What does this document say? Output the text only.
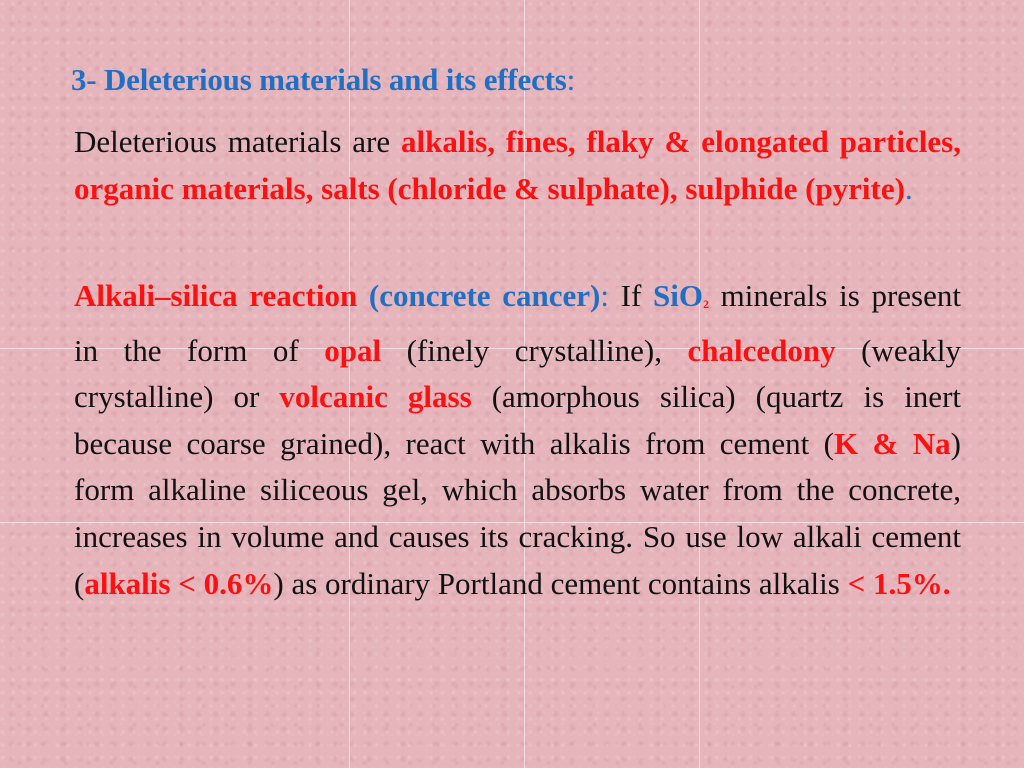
3- Deleterious materials and its effects:

Deleterious materials are alkalis, fines, flaky & elongated particles, organic materials, salts (chloride & sulphate), sulphide (pyrite).

Alkali–silica reaction (concrete cancer): If SiO2 minerals is present in the form of opal (finely crystalline), chalcedony (weakly crystalline) or volcanic glass (amorphous silica) (quartz is inert because coarse grained), react with alkalis from cement (K & Na) form alkaline siliceous gel, which absorbs water from the concrete, increases in volume and causes its cracking. So use low alkali cement (alkalis < 0.6%) as ordinary Portland cement contains alkalis < 1.5%.
